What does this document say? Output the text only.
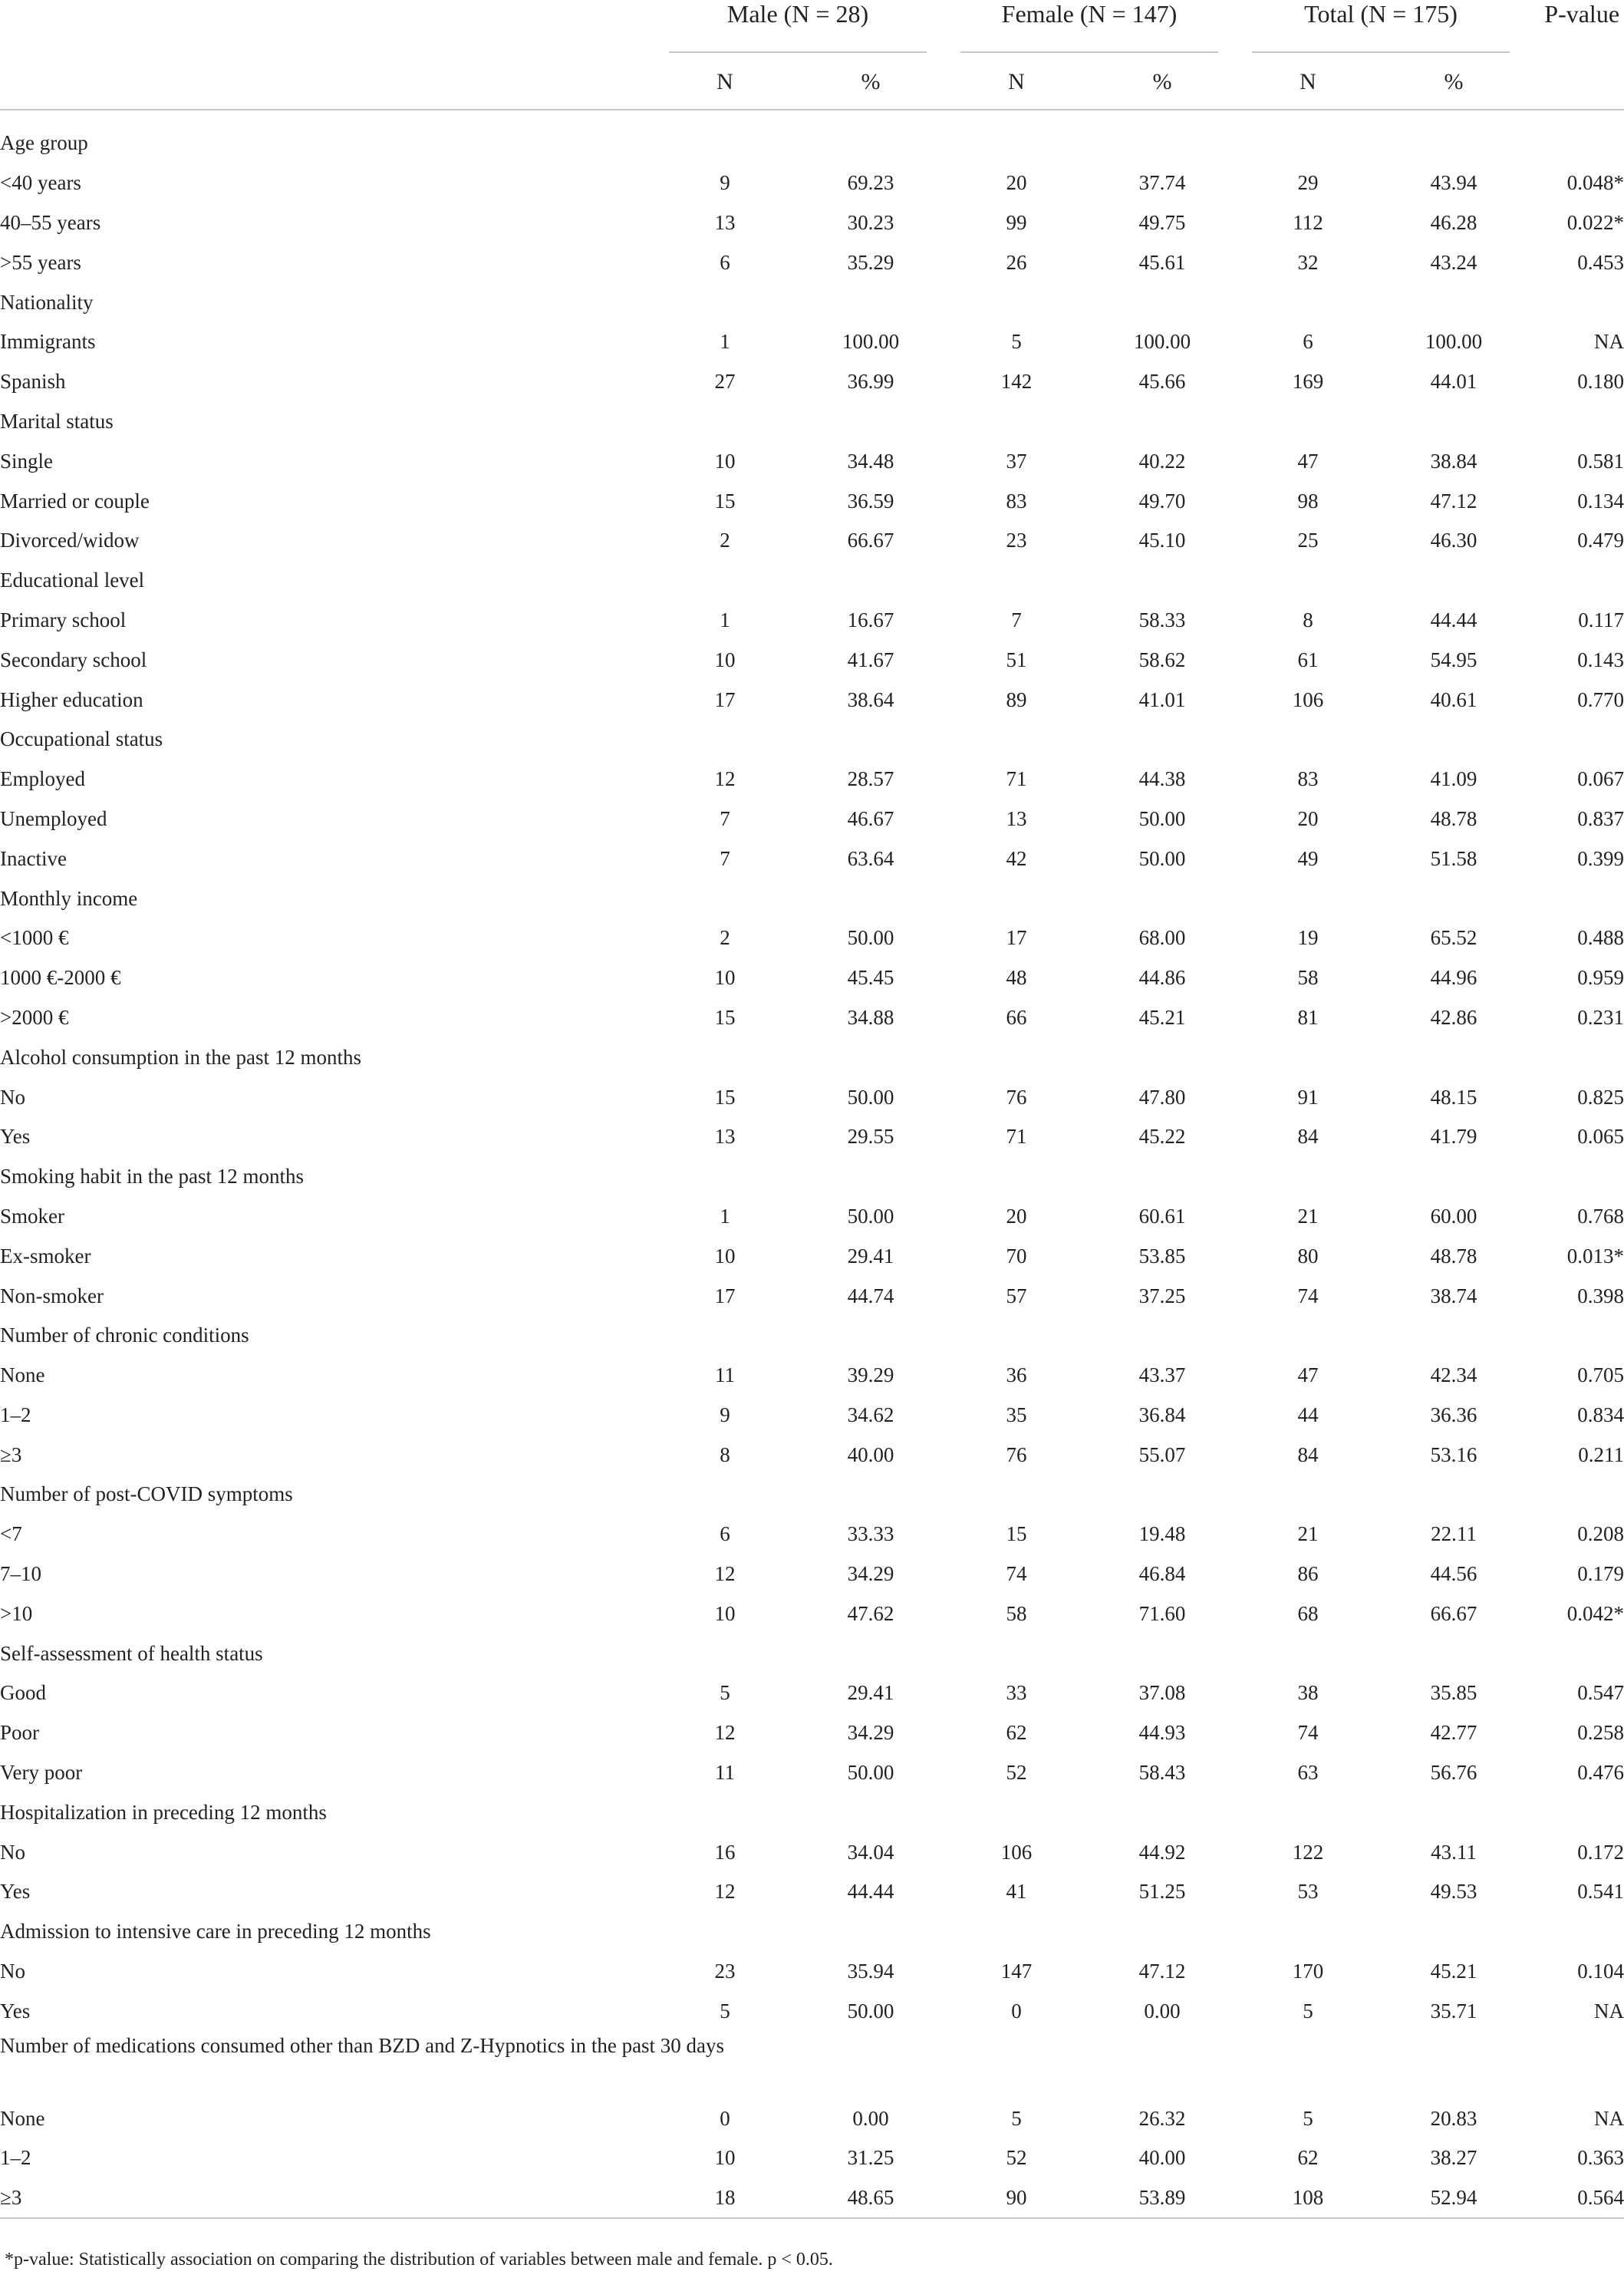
	Male (N = 28)		Female (N = 147)		Total (N = 175)		P-value
	N	%	N	%	N	%	

Age group							
<40 years	9	69.23	20	37.74	29	43.94	0.048*
40–55 years	13	30.23	99	49.75	112	46.28	0.022*
>55 years	6	35.29	26	45.61	32	43.24	0.453
Nationality							
Immigrants	1	100.00	5	100.00	6	100.00	NA
Spanish	27	36.99	142	45.66	169	44.01	0.180
Marital status							
Single	10	34.48	37	40.22	47	38.84	0.581
Married or couple	15	36.59	83	49.70	98	47.12	0.134
Divorced/widow	2	66.67	23	45.10	25	46.30	0.479
Educational level							
Primary school	1	16.67	7	58.33	8	44.44	0.117
Secondary school	10	41.67	51	58.62	61	54.95	0.143
Higher education	17	38.64	89	41.01	106	40.61	0.770
Occupational status							
Employed	12	28.57	71	44.38	83	41.09	0.067
Unemployed	7	46.67	13	50.00	20	48.78	0.837
Inactive	7	63.64	42	50.00	49	51.58	0.399
Monthly income							
<1000 €	2	50.00	17	68.00	19	65.52	0.488
1000 €-2000 €	10	45.45	48	44.86	58	44.96	0.959
>2000 €	15	34.88	66	45.21	81	42.86	0.231
Alcohol consumption in the past 12 months							
No	15	50.00	76	47.80	91	48.15	0.825
Yes	13	29.55	71	45.22	84	41.79	0.065
Smoking habit in the past 12 months							
Smoker	1	50.00	20	60.61	21	60.00	0.768
Ex-smoker	10	29.41	70	53.85	80	48.78	0.013*
Non-smoker	17	44.74	57	37.25	74	38.74	0.398
Number of chronic conditions							
None	11	39.29	36	43.37	47	42.34	0.705
1–2	9	34.62	35	36.84	44	36.36	0.834
≥3	8	40.00	76	55.07	84	53.16	0.211
Number of post-COVID symptoms							
<7	6	33.33	15	19.48	21	22.11	0.208
7–10	12	34.29	74	46.84	86	44.56	0.179
>10	10	47.62	58	71.60	68	66.67	0.042*
Self-assessment of health status							
Good	5	29.41	33	37.08	38	35.85	0.547
Poor	12	34.29	62	44.93	74	42.77	0.258
Very poor	11	50.00	52	58.43	63	56.76	0.476
Hospitalization in preceding 12 months							
No	16	34.04	106	44.92	122	43.11	0.172
Yes	12	44.44	41	51.25	53	49.53	0.541
Admission to intensive care in preceding 12 months							
No	23	35.94	147	47.12	170	45.21	0.104
Yes	5	50.00	0	0.00	5	35.71	NA
Number of medications consumed other than BZD and Z-Hypnotics in the past 30 days							
None	0	0.00	5	26.32	5	20.83	NA
1–2	10	31.25	52	40.00	62	38.27	0.363
≥3	18	48.65	90	53.89	108	52.94	0.564
*p-value: Statistically association on comparing the distribution of variables between male and female. p < 0.05.
